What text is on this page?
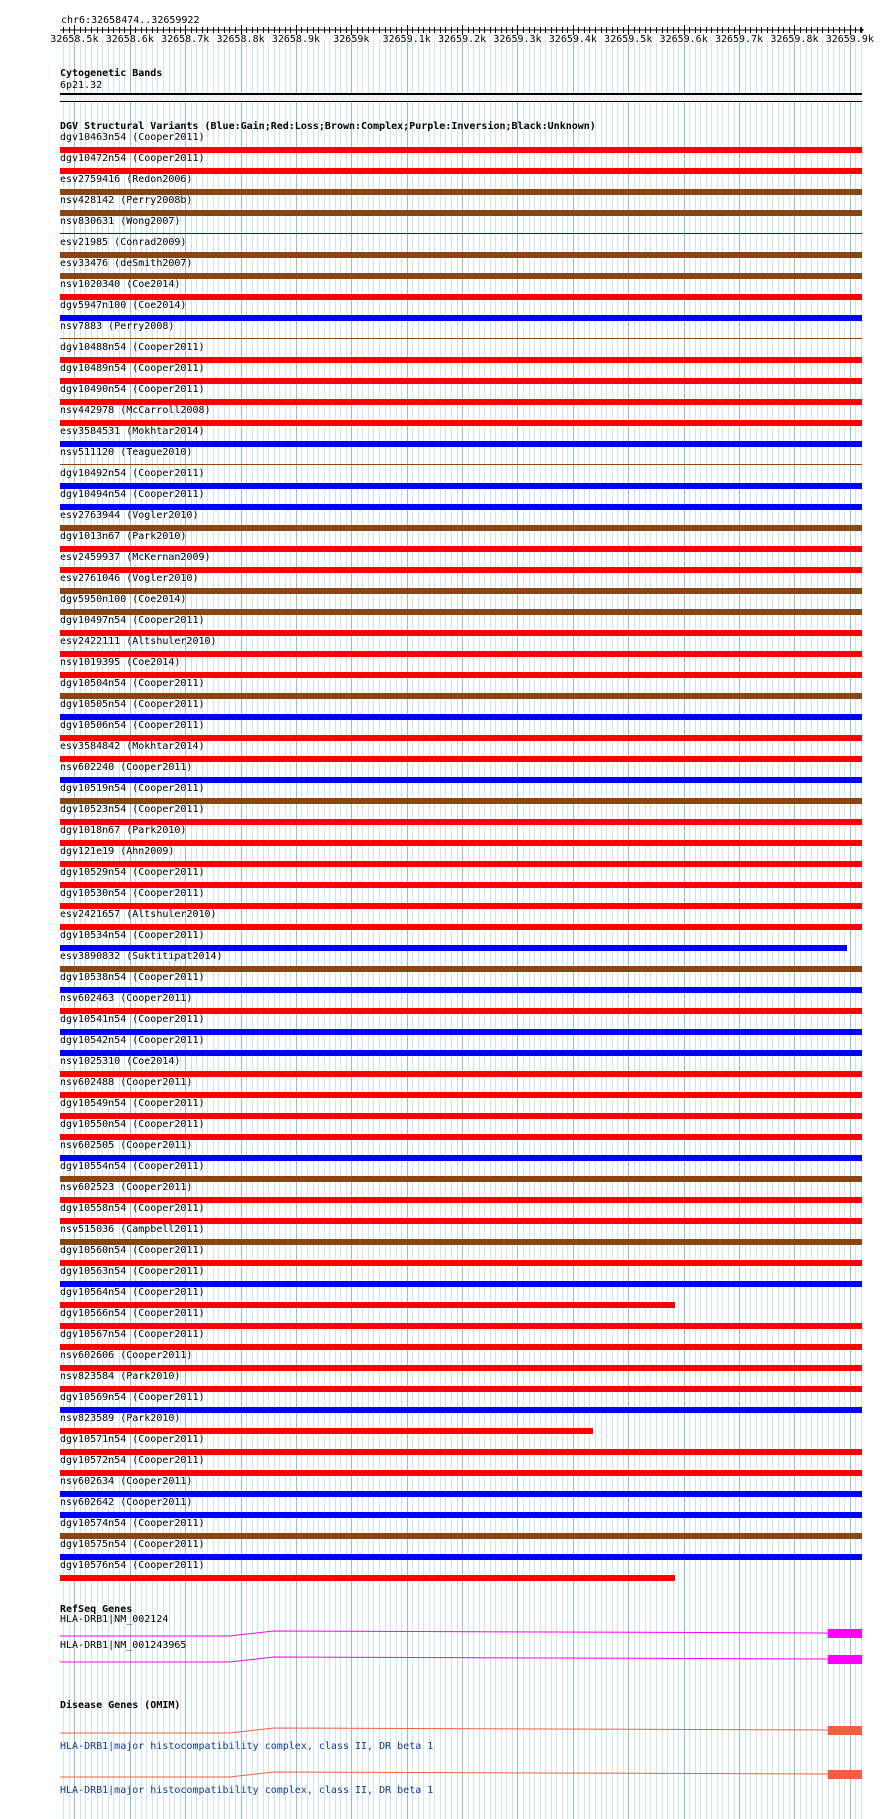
chr6:32658474..32659922
32658.5k 32658.6k 32658.7k 32658.8k 32658.9k	32659k	32659.1k 32659.2k 32659.3k 32659.4k 32659.5k 32659.6k 32659.7k 32659.8k 32659.9k
Cytogenetic Bands
6p21.32
DGV Structural Variants (Blue:Gain;Red:Loss;Brown:Complex;Purple:Inversion;Black:Unknown)
dgv10463n54 (Cooper2011)
dgv10472n54 (Cooper2011)
esv2759416 (Redon2006)
nsv428142 (Perry2008b)
nsv830631 (Wong2007)
esv21985 (Conrad2009)
esv33476 (deSmith2007)
nsv1020340 (Coe2014)
dgv5947n100 (Coe2014)
nsv7883 (Perry2008)
dgv10488n54 (Cooper2011)
dgv10489n54 (Cooper2011)
dgv10490n54 (Cooper2011)
nsv442978 (McCarroll2008)
esv3584531 (Mokhtar2014)
nsv511120 (Teague2010)
dgv10492n54 (Cooper2011)
dgv10494n54 (Cooper2011)
esv2763944 (Vogler2010)
dgv1013n67 (Park2010)
esv2459937 (McKernan2009)
esv2761046 (Vogler2010)
dgv5950n100 (Coe2014)
dgv10497n54 (Cooper2011)
esv2422111 (Altshuler2010)
nsv1019395 (Coe2014)
dgv10504n54 (Cooper2011)
dgv10505n54 (Cooper2011)
dgv10506n54 (Cooper2011)
esv3584842 (Mokhtar2014)
nsv602240 (Cooper2011)
dgv10519n54 (Cooper2011)
dgv10523n54 (Cooper2011)
dgv1018n67 (Park2010)
dgv121e19 (Ahn2009)
dgv10529n54 (Cooper2011)
dgv10530n54 (Cooper2011)
esv2421657 (Altshuler2010)
dgv10534n54 (Cooper2011)
esv3890832 (Suktitipat2014)
dgv10538n54 (Cooper2011)
nsv602463 (Cooper2011)
dgv10541n54 (Cooper2011)
dgv10542n54 (Cooper2011)
nsv1025310 (Coe2014)
nsv602488 (Cooper2011)
dgv10549n54 (Cooper2011)
dgv10550n54 (Cooper2011)
nsv602505 (Cooper2011)
dgv10554n54 (Cooper2011)
nsv602523 (Cooper2011)
dgv10558n54 (Cooper2011)
nsv515036 (Campbell2011)
dgv10560n54 (Cooper2011)
dgv10563n54 (Cooper2011)
dgv10564n54 (Cooper2011)
dgv10566n54 (Cooper2011)
dgv10567n54 (Cooper2011)
nsv602606 (Cooper2011)
nsv823584 (Park2010)
dgv10569n54 (Cooper2011)
nsv823589 (Park2010)
dgv10571n54 (Cooper2011)
dgv10572n54 (Cooper2011)
nsv602634 (Cooper2011)
nsv602642 (Cooper2011)
dgv10574n54 (Cooper2011)
dgv10575n54 (Cooper2011)
dgv10576n54 (Cooper2011)
RefSeq Genes
HLA-DRB1|NM_002124
HLA-DRB1|NM_001243965
Disease Genes (OMIM)
HLA-DRB1|major histocompatibility complex, class II, DR beta 1
HLA-DRB1|major histocompatibility complex, class II, DR beta 1
